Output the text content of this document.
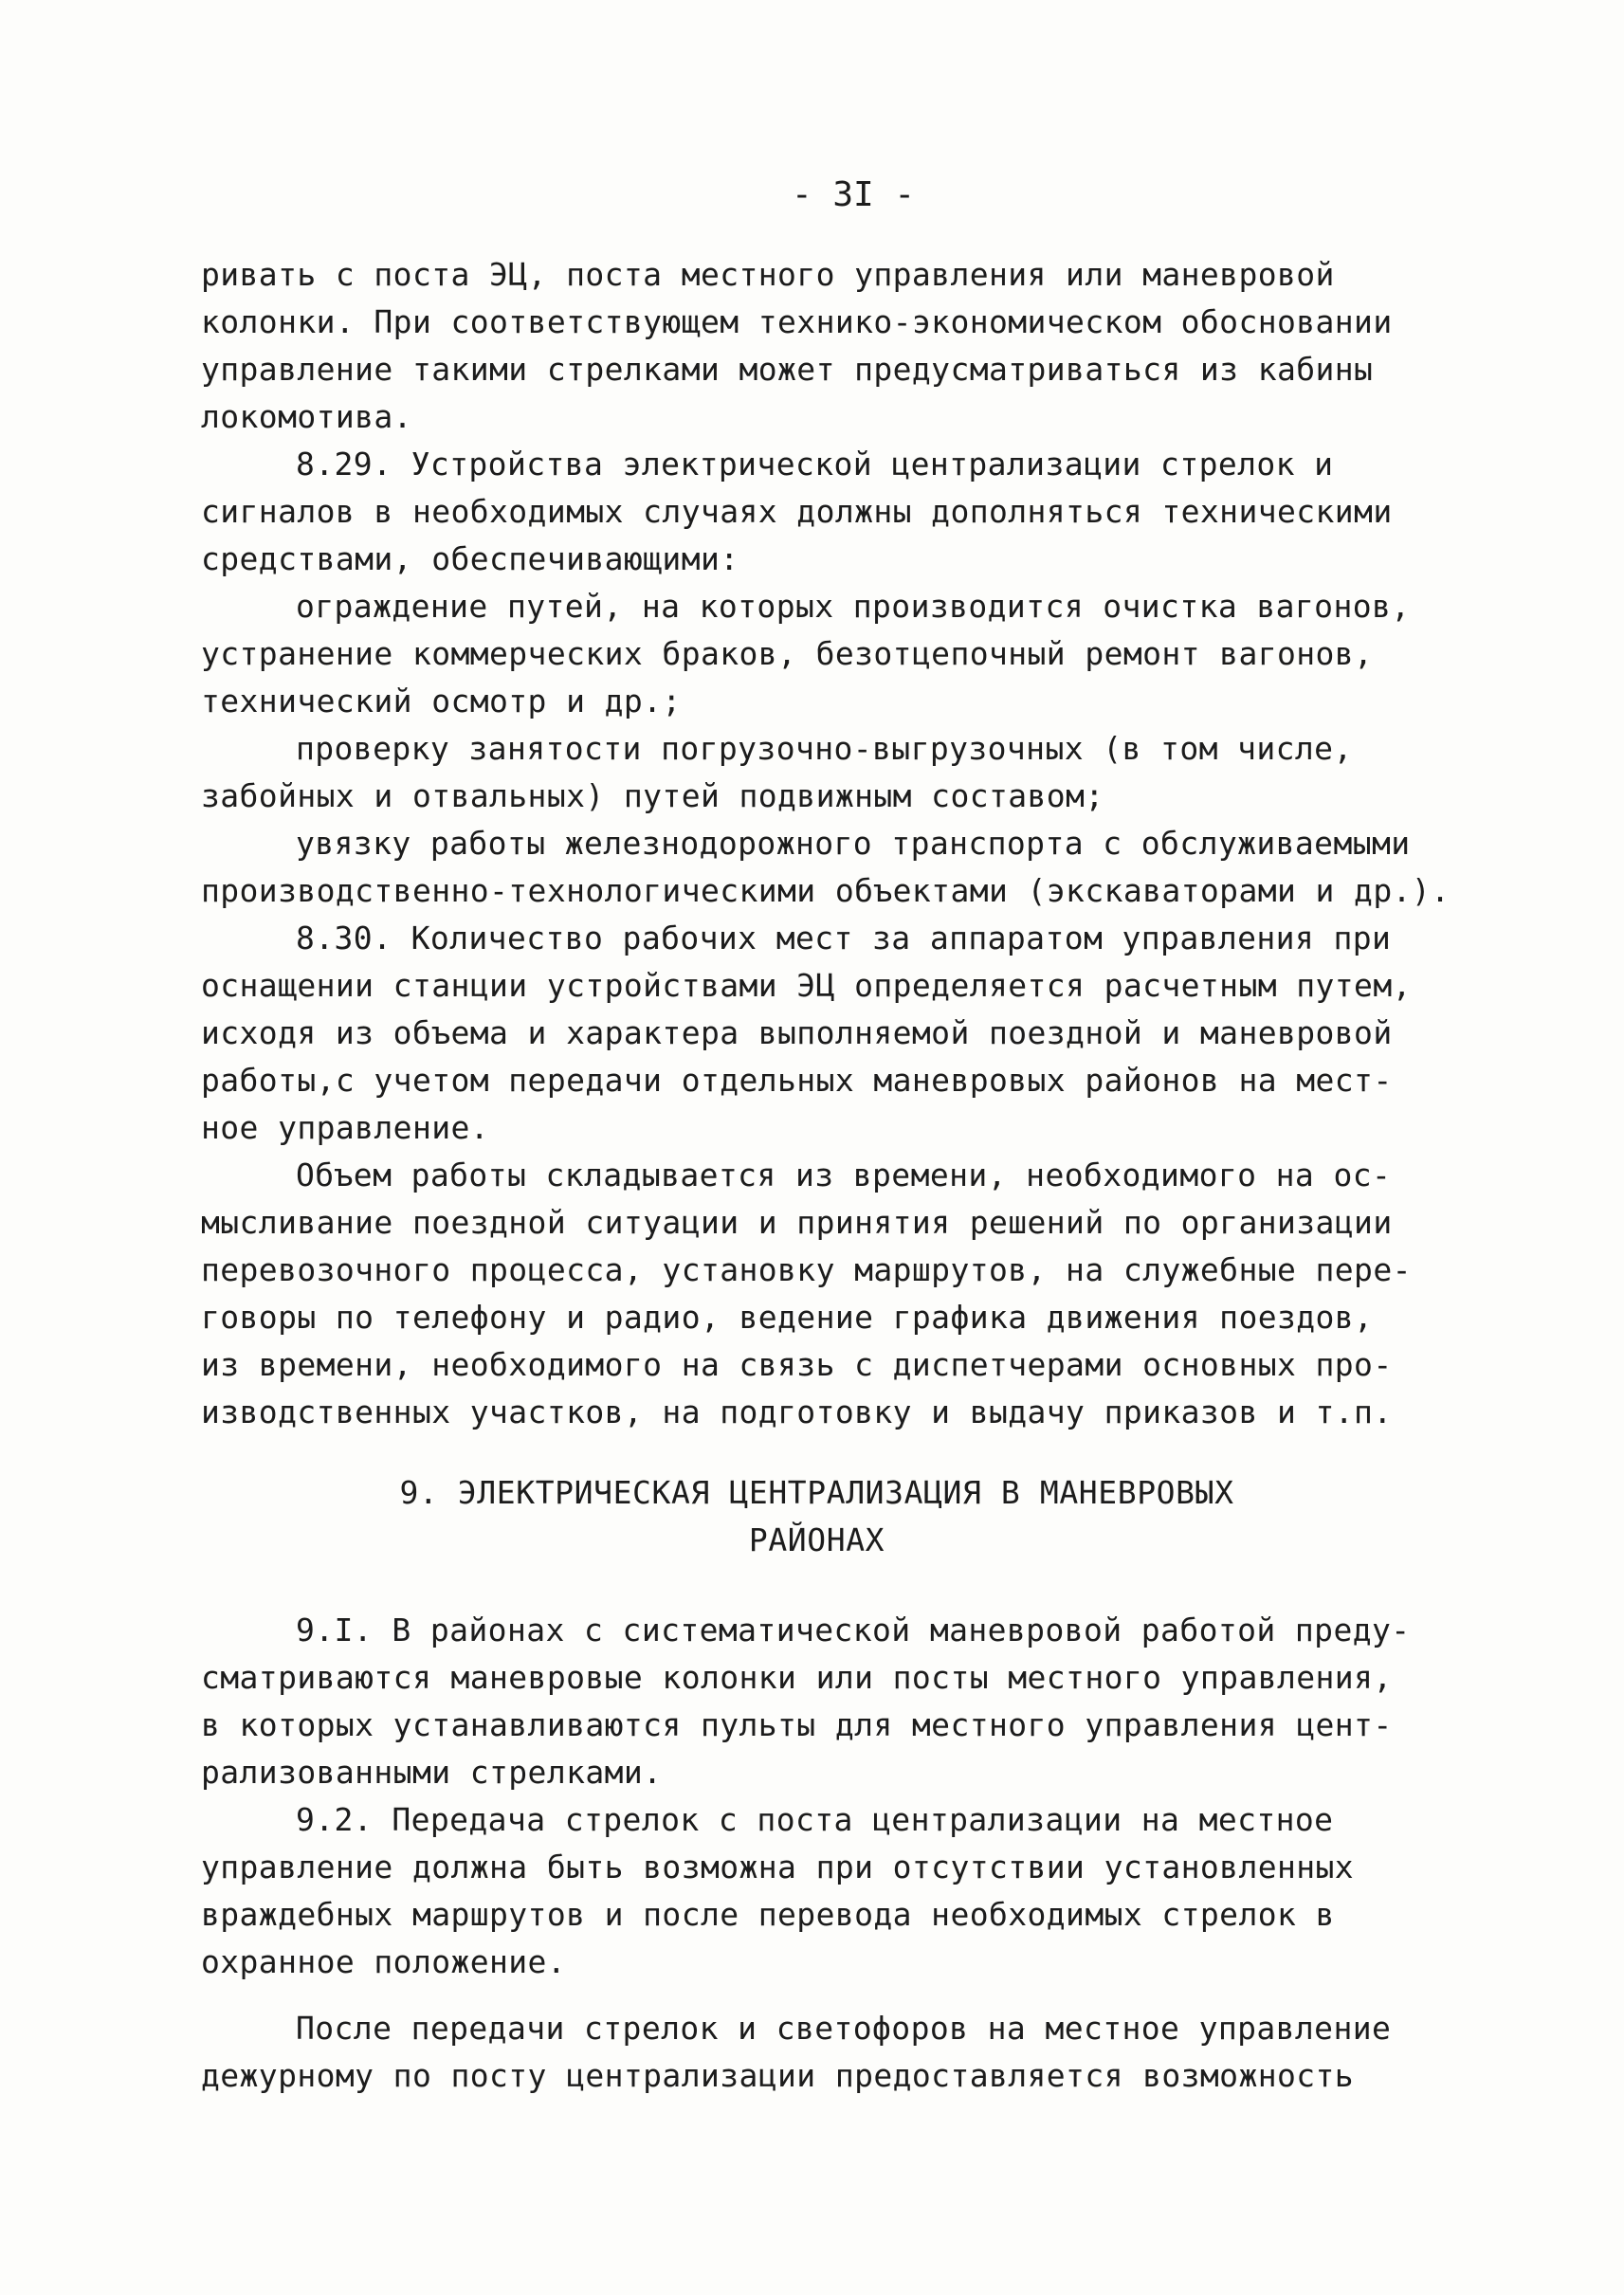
- 3I -
ривать с поста ЭЦ, поста местного управления или маневровой
колонки. При соответствующем технико-экономическом обосновании
управление такими стрелками может предусматриваться из кабины
локомотива.
8.29. Устройства электрической централизации стрелок и
сигналов в необходимых случаях должны дополняться техническими
средствами, обеспечивающими:
ограждение путей, на которых производится очистка вагонов,
устранение коммерческих браков, безотцепочный ремонт вагонов,
технический осмотр и др.;
проверку занятости погрузочно-выгрузочных (в том числе,
забойных и отвальных) путей подвижным составом;
увязку работы железнодорожного транспорта с обслуживаемыми
производственно-технологическими объектами (экскаваторами и др.).
8.30. Количество рабочих мест за аппаратом управления при
оснащении станции устройствами ЭЦ определяется расчетным путем,
исходя из объема и характера выполняемой поездной и маневровой
работы,с учетом передачи отдельных маневровых районов на мест-
ное управление.
Объем работы складывается из времени, необходимого на ос-
мысливание поездной ситуации и принятия решений по организации
перевозочного процесса, установку маршрутов, на служебные пере-
говоры по телефону и радио, ведение графика движения поездов,
из времени, необходимого на связь с диспетчерами основных про-
изводственных участков, на подготовку и выдачу приказов и т.п.
9. ЭЛЕКТРИЧЕСКАЯ ЦЕНТРАЛИЗАЦИЯ В МАНЕВРОВЫХ
РАЙОНАХ
9.I. В районах с систематической маневровой работой преду-
сматриваются маневровые колонки или посты местного управления,
в которых устанавливаются пульты для местного управления цент-
рализованными стрелками.
9.2. Передача стрелок с поста централизации на местное
управление должна быть возможна при отсутствии установленных
враждебных маршрутов и после перевода необходимых стрелок в
охранное положение.
После передачи стрелок и светофоров на местное управление
дежурному по посту централизации предоставляется возможность
